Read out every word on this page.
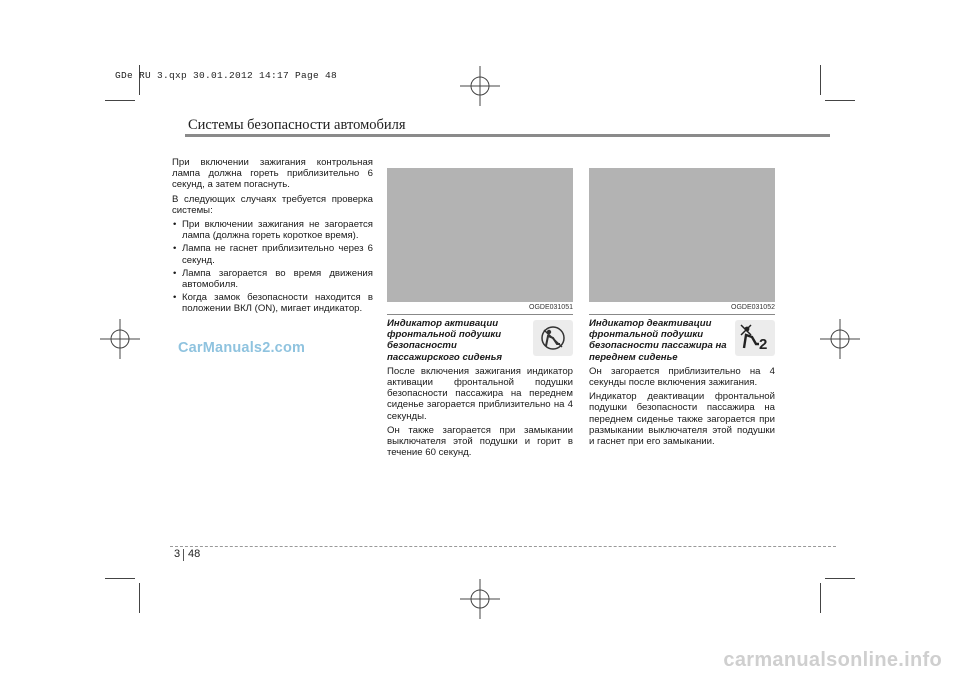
GDe RU 3.qxp 30.01.2012 14:17 Page 48
Системы безопасности автомобиля

При включении зажигания контрольная лампа должна гореть приблизительно 6 секунд, а затем погаснуть.

В следующих случаях требуется проверка системы:

• При включении зажигания не загорается лампа (должна гореть короткое время).
• Лампа не гаснет приблизительно через 6 секунд.
• Лампа загорается во время движения автомобиля.
• Когда замок безопасности находится в положении ВКЛ (ON), мигает индикатор.	OGDE031051
Индикатор активации фронтальной подушки безопасности пассажирского сиденья

После включения зажигания индикатор активации фронтальной подушки безопасности пассажира на переднем сиденье загорается приблизительно на 4 секунды.

Он также загорается при замыкании выключателя этой подушки и горит в течение 60 секунд.

OGDE031052
Индикатор деактивации фронтальной подушки безопасности пассажира на переднем сиденье

Он загорается приблизительно на 4 секунды после включения зажигания.

Индикатор деактивации фронтальной подушки безопасности пассажира на переднем сиденье также загорается при размыкании выключателя этой подушки и гаснет при его замыкании.

2
CarManuals2.com
3 48
carmanualsonline.info
